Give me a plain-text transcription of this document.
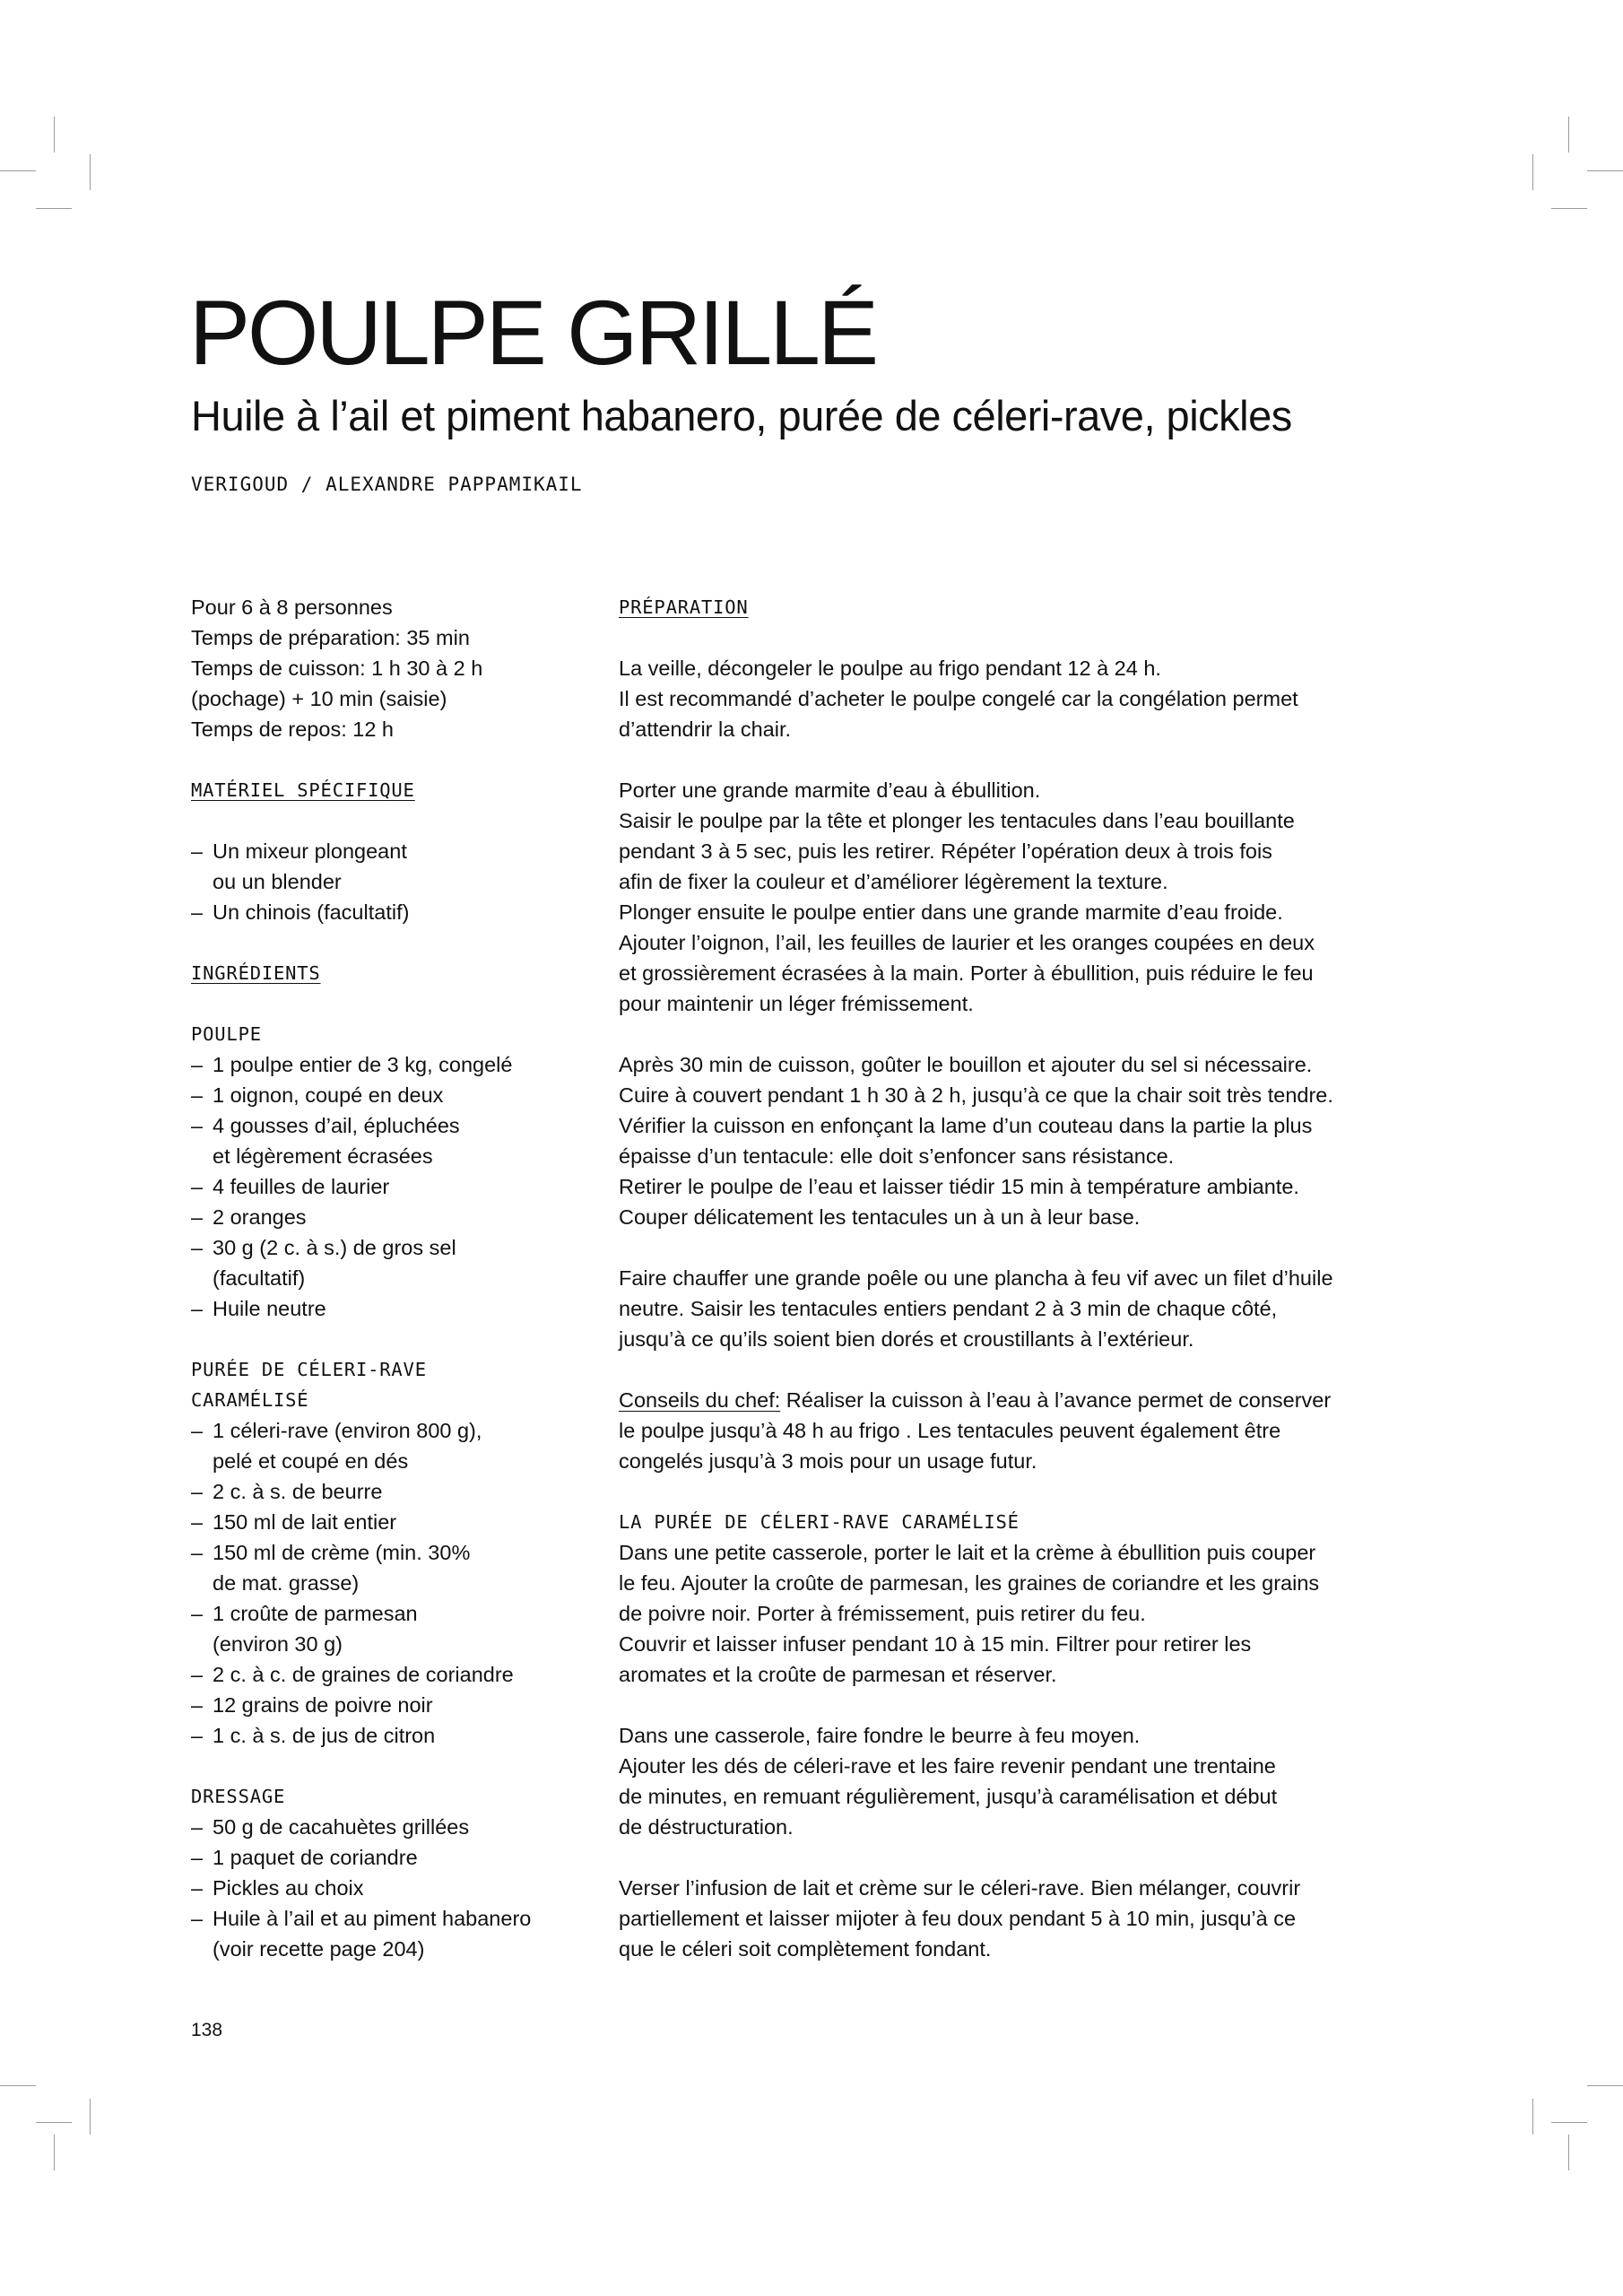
POULPE GRILLÉ
Huile à l’ail et piment habanero, purée de céleri-rave, pickles

VERIGOUD / ALEXANDRE PAPPAMIKAIL

Pour 6 à 8 personnes
Temps de préparation: 35 min
Temps de cuisson: 1 h 30 à 2 h
(pochage) + 10 min (saisie)
Temps de repos: 12 h
MATÉRIEL SPÉCIFIQUE
– Un mixeur plongeant
ou un blender
– Un chinois (facultatif)
INGRÉDIENTS
POULPE
– 1 poulpe entier de 3 kg, congelé
– 1 oignon, coupé en deux
– 4 gousses d’ail, épluchées
et légèrement écrasées
– 4 feuilles de laurier
– 2 oranges
– 30 g (2 c. à s.) de gros sel
(facultatif)
– Huile neutre
PURÉE DE CÉLERI-RAVE
CARAMÉLISÉ
– 1 céleri-rave (environ 800 g),
pelé et coupé en dés
– 2 c. à s. de beurre
– 150 ml de lait entier
– 150 ml de crème (min. 30%
de mat. grasse)
– 1 croûte de parmesan
(environ 30 g)
– 2 c. à c. de graines de coriandre
– 12 grains de poivre noir
– 1 c. à s. de jus de citron
DRESSAGE
– 50 g de cacahuètes grillées
– 1 paquet de coriandre
– Pickles au choix
– Huile à l’ail et au piment habanero
(voir recette page 204)
PRÉPARATION
La veille, décongeler le poulpe au frigo pendant 12 à 24 h.
Il est recommandé d’acheter le poulpe congelé car la congélation permet
d’attendrir la chair.
Porter une grande marmite d’eau à ébullition.
Saisir le poulpe par la tête et plonger les tentacules dans l’eau bouillante
pendant 3 à 5 sec, puis les retirer. Répéter l’opération deux à trois fois
afin de fixer la couleur et d’améliorer légèrement la texture.
Plonger ensuite le poulpe entier dans une grande marmite d’eau froide.
Ajouter l’oignon, l’ail, les feuilles de laurier et les oranges coupées en deux
et grossièrement écrasées à la main. Porter à ébullition, puis réduire le feu
pour maintenir un léger frémissement.
Après 30 min de cuisson, goûter le bouillon et ajouter du sel si nécessaire.
Cuire à couvert pendant 1 h 30 à 2 h, jusqu’à ce que la chair soit très tendre.
Vérifier la cuisson en enfonçant la lame d’un couteau dans la partie la plus
épaisse d’un tentacule: elle doit s’enfoncer sans résistance.
Retirer le poulpe de l’eau et laisser tiédir 15 min à température ambiante.
Couper délicatement les tentacules un à un à leur base.
Faire chauffer une grande poêle ou une plancha à feu vif avec un filet d’huile
neutre. Saisir les tentacules entiers pendant 2 à 3 min de chaque côté,
jusqu’à ce qu’ils soient bien dorés et croustillants à l’extérieur.
Conseils du chef: Réaliser la cuisson à l’eau à l’avance permet de conserver
le poulpe jusqu’à 48 h au frigo . Les tentacules peuvent également être
congelés jusqu’à 3 mois pour un usage futur.
LA PURÉE DE CÉLERI-RAVE CARAMÉLISÉ
Dans une petite casserole, porter le lait et la crème à ébullition puis couper
le feu. Ajouter la croûte de parmesan, les graines de coriandre et les grains
de poivre noir. Porter à frémissement, puis retirer du feu.
Couvrir et laisser infuser pendant 10 à 15 min. Filtrer pour retirer les
aromates et la croûte de parmesan et réserver.
Dans une casserole, faire fondre le beurre à feu moyen.
Ajouter les dés de céleri-rave et les faire revenir pendant une trentaine
de minutes, en remuant régulièrement, jusqu’à caramélisation et début
de déstructuration.
Verser l’infusion de lait et crème sur le céleri-rave. Bien mélanger, couvrir
partiellement et laisser mijoter à feu doux pendant 5 à 10 min, jusqu’à ce
que le céleri soit complètement fondant.

138
